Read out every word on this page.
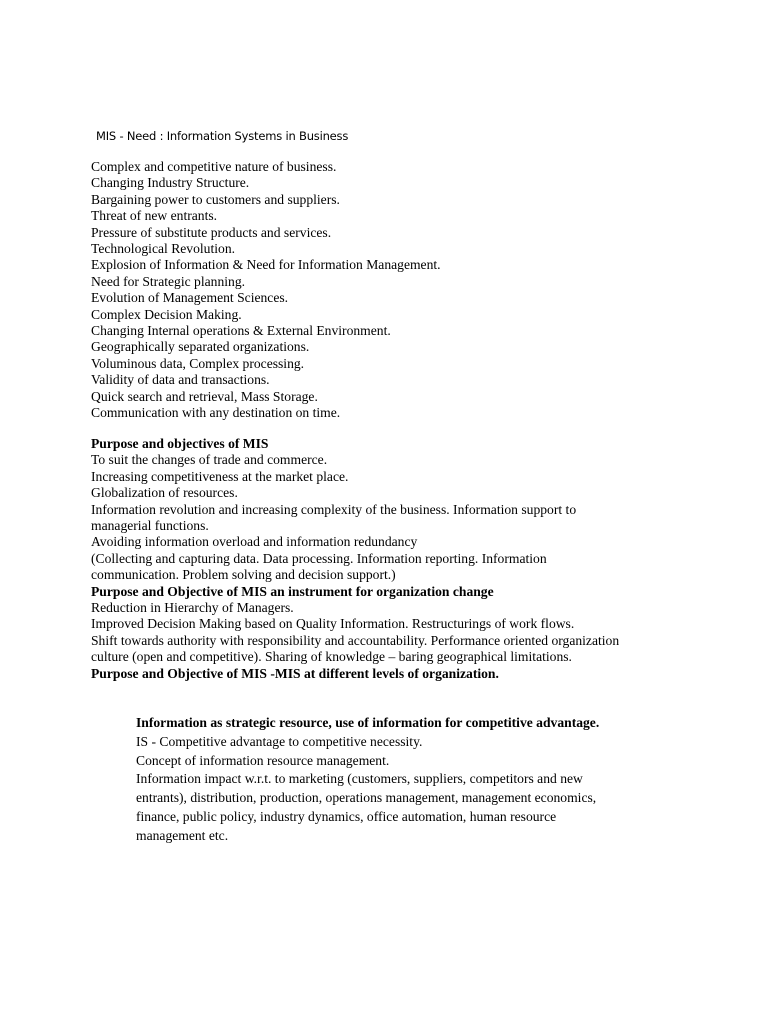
MIS - Need : Information Systems in Business
Complex and competitive nature of business.
Changing Industry Structure.
Bargaining power to customers and suppliers.
Threat of new entrants.
Pressure of substitute products and services.
Technological Revolution.
Explosion of Information & Need for Information Management.
Need for Strategic planning.
Evolution of Management Sciences.
Complex Decision Making.
Changing Internal operations & External Environment.
Geographically separated organizations.
Voluminous data, Complex processing.
Validity of data and transactions.
Quick search and retrieval, Mass Storage.
Communication with any destination on time.
Purpose and objectives of MIS
To suit the changes of trade and commerce.
Increasing competitiveness at the market place.
Globalization of resources.
Information revolution and increasing complexity of the business. Information support to
managerial functions.
Avoiding information overload and information redundancy
(Collecting and capturing data. Data processing. Information reporting. Information
communication. Problem solving and decision support.)
Purpose and Objective of MIS an instrument for organization change
Reduction in Hierarchy of Managers.
Improved Decision Making based on Quality Information. Restructurings of work flows.
Shift towards authority with responsibility and accountability. Performance oriented organization
culture (open and competitive). Sharing of knowledge – baring geographical limitations.
Purpose and Objective of MIS -MIS at different levels of organization.
Information as strategic resource, use of information for competitive advantage.
IS - Competitive advantage to competitive necessity.
Concept of information resource management.
Information impact w.r.t. to marketing (customers, suppliers, competitors and new
entrants), distribution, production, operations management, management economics,
finance, public policy, industry dynamics, office automation, human resource
management etc.
